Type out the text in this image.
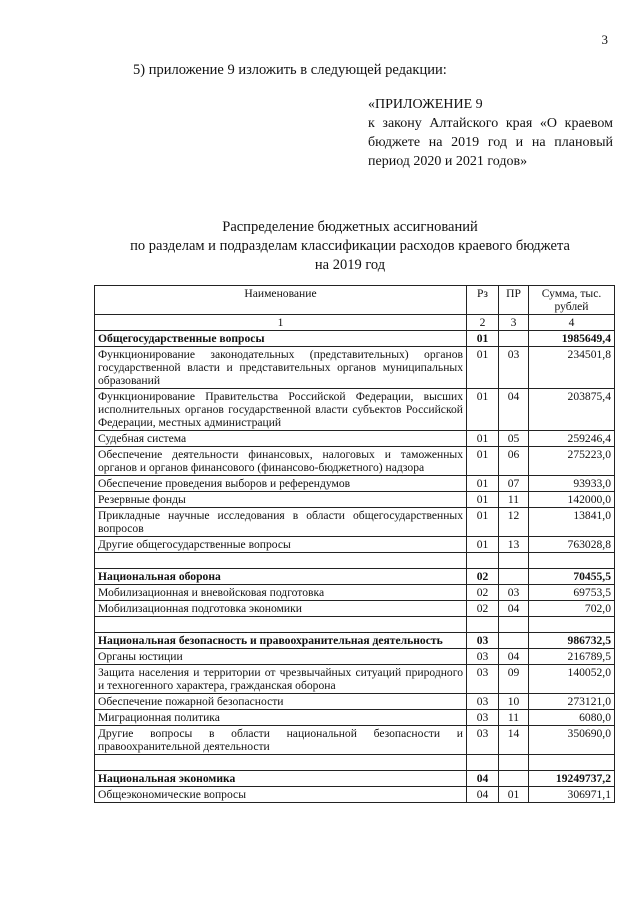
3
5) приложение 9 изложить в следующей редакции:
«ПРИЛОЖЕНИЕ 9
к закону Алтайского края «О краевом бюджете на 2019 год и на плановый период 2020 и 2021 годов»
Распределение бюджетных ассигнований
по разделам и подразделам классификации расходов краевого бюджета
на 2019 год
Наименование	Рз	ПР	Сумма, тыс. рублей
1	2	3	4
Общегосударственные вопросы	01		1985649,4
Функционирование законодательных (представительных) органов государственной власти и представительных органов муниципальных образований	01	03	234501,8
Функционирование Правительства Российской Федерации, высших исполнительных органов государственной власти субъектов Российской Федерации, местных администраций	01	04	203875,4
Судебная система	01	05	259246,4
Обеспечение деятельности финансовых, налоговых и таможенных органов и органов финансового (финансово-бюджетного) надзора	01	06	275223,0
Обеспечение проведения выборов и референдумов	01	07	93933,0
Резервные фонды	01	11	142000,0
Прикладные научные исследования в области общегосударственных вопросов	01	12	13841,0
Другие общегосударственные вопросы	01	13	763028,8

Национальная оборона	02		70455,5
Мобилизационная и вневойсковая подготовка	02	03	69753,5
Мобилизационная подготовка экономики	02	04	702,0

Национальная безопасность и правоохранительная деятельность	03		986732,5
Органы юстиции	03	04	216789,5
Защита населения и территории от чрезвычайных ситуаций природного и техногенного характера, гражданская оборона	03	09	140052,0
Обеспечение пожарной безопасности	03	10	273121,0
Миграционная политика	03	11	6080,0
Другие вопросы в области национальной безопасности и правоохранительной деятельности	03	14	350690,0

Национальная экономика	04		19249737,2
Общеэкономические вопросы	04	01	306971,1
